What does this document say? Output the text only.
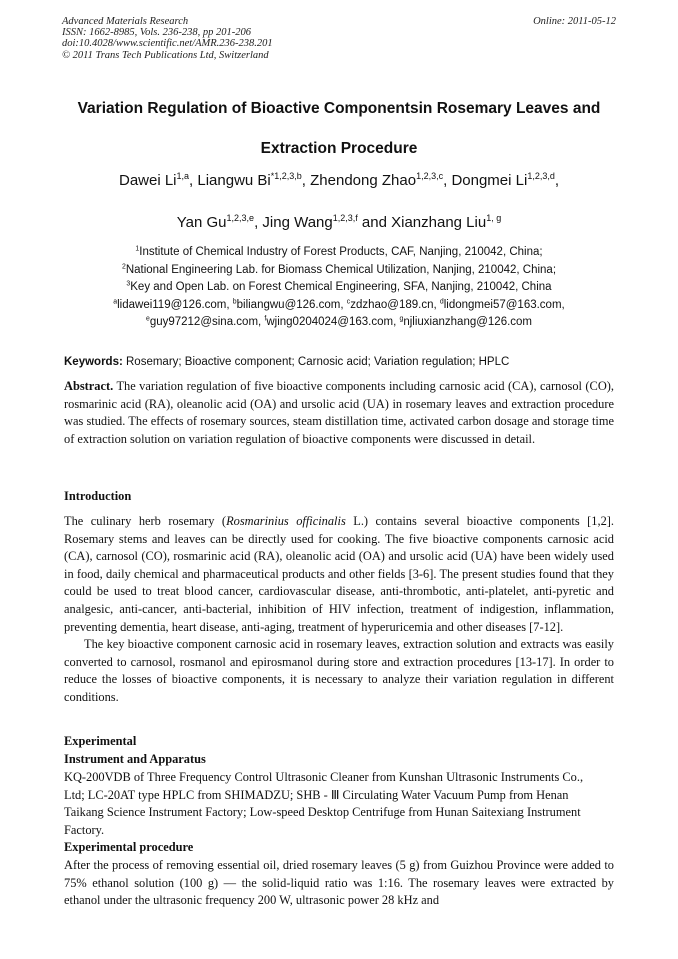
Advanced Materials Research
ISSN: 1662-8985, Vols. 236-238, pp 201-206
doi:10.4028/www.scientific.net/AMR.236-238.201
© 2011 Trans Tech Publications Ltd, Switzerland
Online: 2011-05-12
Variation Regulation of Bioactive Componentsin Rosemary Leaves and
Extraction Procedure
Dawei Li$^{1,a}$, Liangwu Bi$^{*1,2,3,b}$, Zhendong Zhao$^{1,2,3,c}$, Dongmei Li$^{1,2,3,d}$,
Yan Gu$^{1,2,3,e}$, Jing Wang$^{1,2,3,f}$ and Xianzhang Liu$^{1, g}$
$^1$Institute of Chemical Industry of Forest Products, CAF, Nanjing, 210042, China;
$^2$National Engineering Lab. for Biomass Chemical Utilization, Nanjing, 210042, China;
$^3$Key and Open Lab. on Forest Chemical Engineering, SFA, Nanjing, 210042, China
$^a$lidawei119@126.com, $^b$biliangwu@126.com, $^c$zdzhao@189.cn, $^d$lidongmei57@163.com,
$^e$guy97212@sina.com, $^f$wjing0204024@163.com, $^g$njliuxianzhang@126.com
Keywords: Rosemary; Bioactive component; Carnosic acid; Variation regulation; HPLC

Abstract. The variation regulation of five bioactive components including carnosic acid (CA), carnosol (CO), rosmarinic acid (RA), oleanolic acid (OA) and ursolic acid (UA) in rosemary leaves and extraction procedure was studied. The effects of rosemary sources, steam distillation time, activated carbon dosage and storage time of extraction solution on variation regulation of bioactive components were discussed in detail.

Introduction

The culinary herb rosemary (Rosmarinius officinalis L.) contains several bioactive components [1,2]. Rosemary stems and leaves can be directly used for cooking. The five bioactive components carnosic acid (CA), carnosol (CO), rosmarinic acid (RA), oleanolic acid (OA) and ursolic acid (UA) have been widely used in food, daily chemical and pharmaceutical products and other fields [3-6]. The present studies found that they could be used to treat blood cancer, cardiovascular disease, anti-thrombotic, anti-platelet, anti-pyretic and analgesic, anti-cancer, anti-bacterial, inhibition of HIV infection, treatment of indigestion, inflammation, preventing dementia, heart disease, anti-aging, treatment of hyperuricemia and other diseases [7-12].

The key bioactive component carnosic acid in rosemary leaves, extraction solution and extracts was easily converted to carnosol, rosmanol and epirosmanol during store and extraction procedures [13-17]. In order to reduce the losses of bioactive components, it is necessary to analyze their variation regulation in different conditions.

Experimental
Instrument and Apparatus
KQ-200VDB of Three Frequency Control Ultrasonic Cleaner from Kunshan Ultrasonic Instruments Co., Ltd; LC-20AT type HPLC from SHIMADZU; SHB - Ⅲ Circulating Water Vacuum Pump from Henan Taikang Science Instrument Factory; Low-speed Desktop Centrifuge from Hunan Saitexiang Instrument Factory.
Experimental procedure
After the process of removing essential oil, dried rosemary leaves (5 g) from Guizhou Province were added to 75% ethanol solution (100 g) — the solid-liquid ratio was 1:16. The rosemary leaves were extracted by ethanol under the ultrasonic frequency 200 W, ultrasonic power 28 kHz and
